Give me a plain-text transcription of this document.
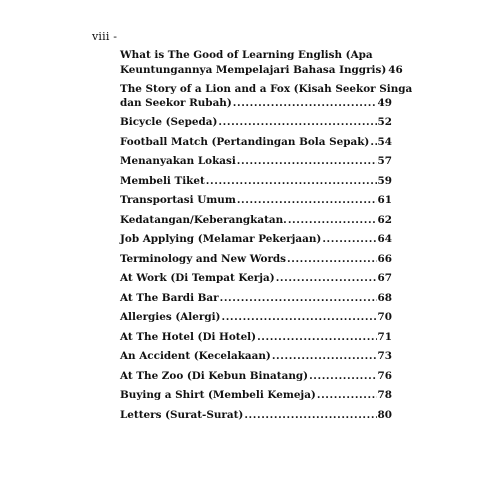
viii -
What is The Good of Learning English (Apa
Keuntungannya Mempelajari Bahasa Inggris) 46
The Story of a Lion and a Fox (Kisah Seekor Singa
dan Seekor Rubah) .....	49
Bicycle (Sepeda) .....	52
Football Match (Pertandingan Bola Sepak) ..... 54
Menanyakan Lokasi .....	57
Membeli Tiket .....	59
Transportasi Umum .....	61
Kedatangan/Keberangkatan. .....	62
Job Applying (Melamar Pekerjaan) .....	64
Terminology and New Words .....	66
At Work (Di Tempat Kerja) .....	67
At The Bardi Bar .....	68
Allergies (Alergi) .....	70
At The Hotel (Di Hotel) .....	71
An Accident (Kecelakaan) .....	73
At The Zoo (Di Kebun Binatang) .....	76
Buying a Shirt (Membeli Kemeja) .....	78
Letters (Surat-Surat) .....	80
